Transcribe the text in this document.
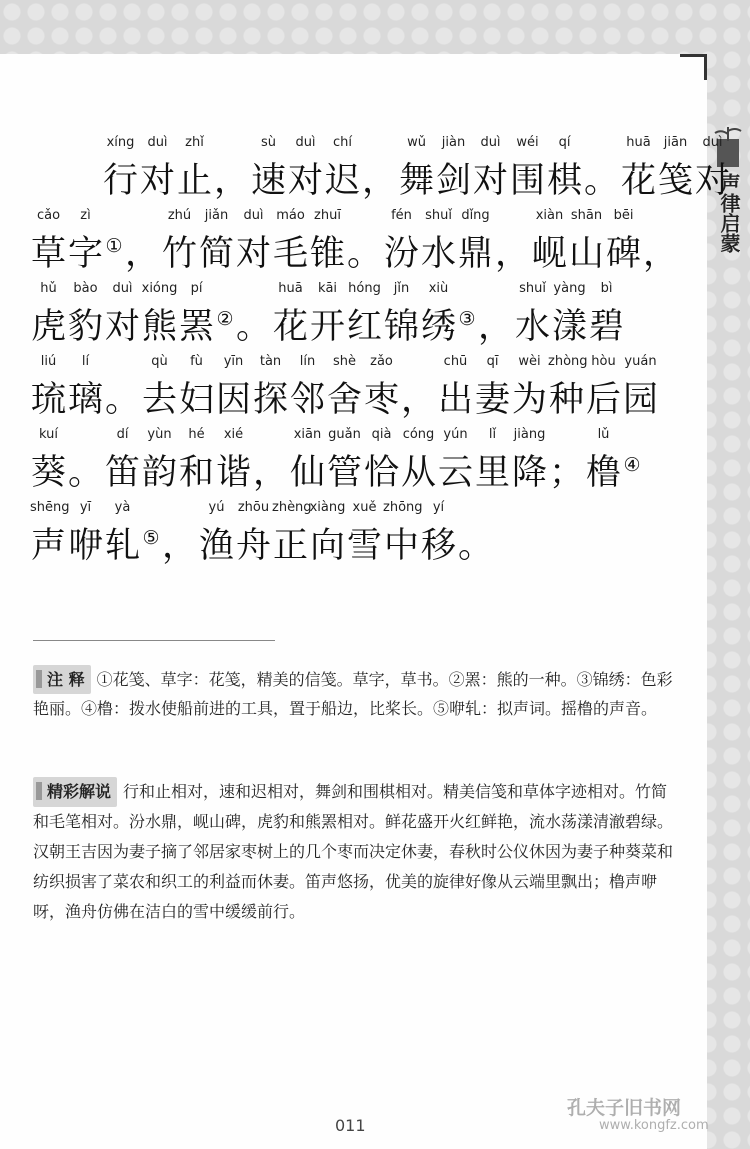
声律启蒙
xíng
行
duì
对
zhǐ
止 ，
sù
速
duì
对
chí
迟 ，
wǔ
舞
jiàn
剑
duì
对
wéi
围
qí
棋 。
huā
花
jiān
笺
duì
对
cǎo
草
zì
字 ① ，
zhú
竹
jiǎn
简
duì
对
máo
毛
zhuī
锥 。
fén
汾
shuǐ
水
dǐng
鼎 ，
xiàn
岘
shān
山
bēi
碑 ，
hǔ
虎
bào
豹
duì
对
xióng
熊
pí
罴 ② 。
huā
花
kāi
开
hóng
红
jǐn
锦
xiù
绣 ③ ，
shuǐ
水
yàng
漾
bì
碧
liú
琉
lí
璃 。
qù
去
fù
妇
yīn
因
tàn
探
lín
邻
shè
舍
zǎo
枣 ，
chū
出
qī
妻
wèi
为
zhòng
种
hòu
后
yuán
园
kuí
葵 。
dí
笛
yùn
韵
hé
和
xié
谐 ，
xiān
仙
guǎn
管
qià
恰
cóng
从
yún
云
lǐ
里
jiàng
降 ；
lǔ
橹 ④
shēng
声
yī
咿
yà
轧 ⑤ ，
yú
渔
zhōu
舟
zhèng
正
xiàng
向
xuě
雪
zhōng
中
yí
移 。
注 释 ①花笺、草字：花笺，精美的信笺。草字，草书。②罴：熊的一种。③锦绣：色彩艳丽。④橹：拨水使船前进的工具，置于船边，比桨长。⑤咿轧：拟声词。摇橹的声音。
精彩解说 行和止相对，速和迟相对，舞剑和围棋相对。精美信笺和草体字迹相对。竹简和毛笔相对。汾水鼎，岘山碑，虎豹和熊罴相对。鲜花盛开火红鲜艳，流水荡漾清澈碧绿。汉朝王吉因为妻子摘了邻居家枣树上的几个枣而决定休妻，春秋时公仪休因为妻子种葵菜和纺织损害了菜农和织工的利益而休妻。笛声悠扬，优美的旋律好像从云端里飘出；橹声咿呀，渔舟仿佛在洁白的雪中缓缓前行。
011
孔夫子旧书网
www.kongfz.com
